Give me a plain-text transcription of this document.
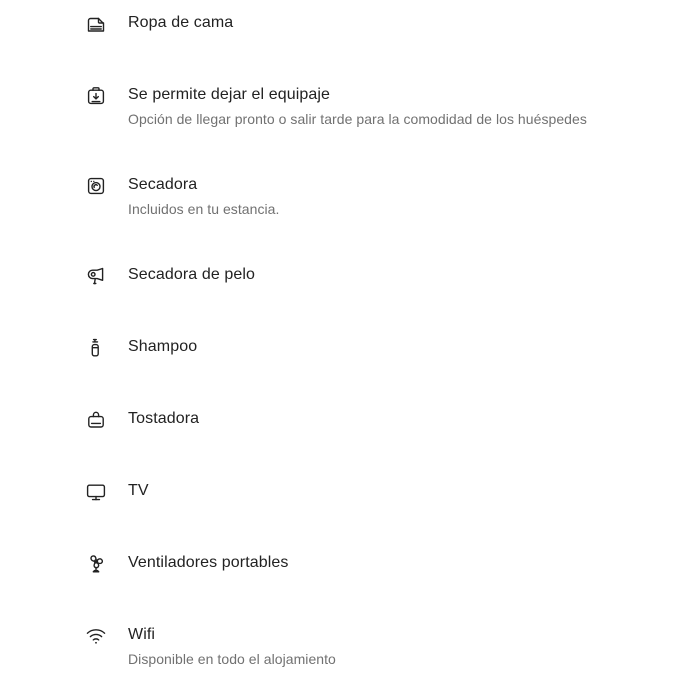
Ropa de cama
Se permite dejar el equipaje
Opción de llegar pronto o salir tarde para la comodidad de los huéspedes
Secadora
Incluidos en tu estancia.
Secadora de pelo
Shampoo
Tostadora
TV
Ventiladores portables
Wifi
Disponible en todo el alojamiento
